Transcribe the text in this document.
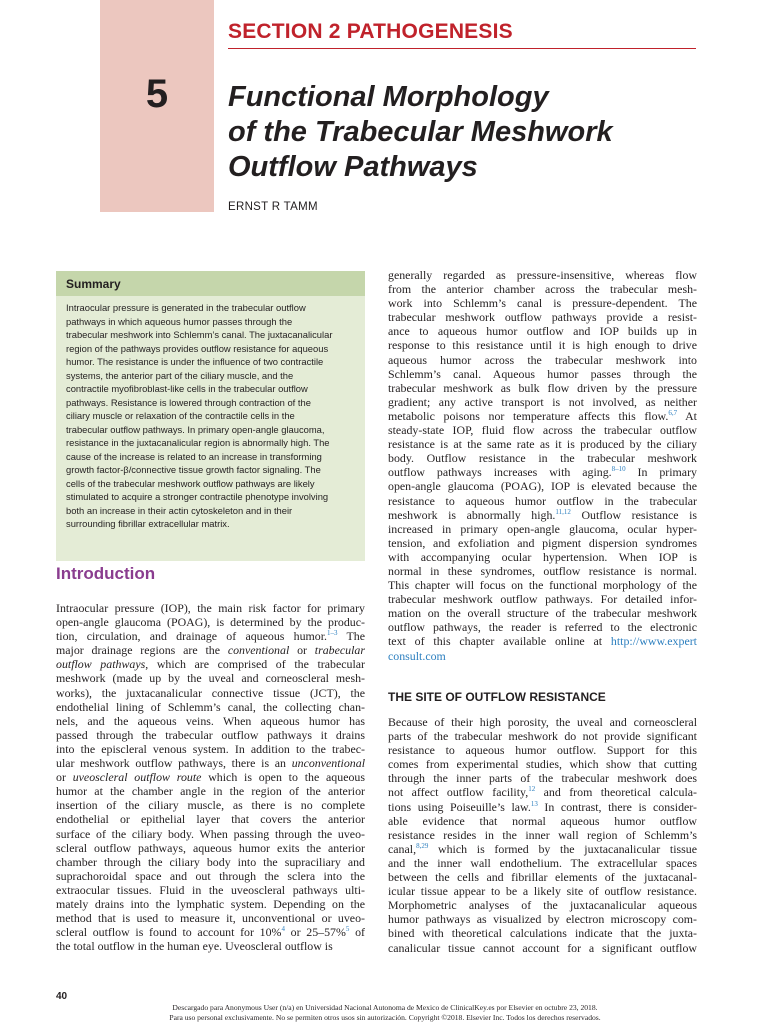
5
SECTION 2 PATHOGENESIS
Functional Morphology
of the Trabecular Meshwork
Outflow Pathways
ERNST R TAMM
Summary

Intraocular pressure is generated in the trabecular outflow
pathways in which aqueous humor passes through the
trabecular meshwork into Schlemm’s canal. The juxtacanalicular
region of the pathways provides outflow resistance for aqueous
humor. The resistance is under the influence of two contractile
systems, the anterior part of the ciliary muscle, and the
contractile myofibroblast-like cells in the trabecular outflow
pathways. Resistance is lowered through contraction of the
ciliary muscle or relaxation of the contractile cells in the
trabecular outflow pathways. In primary open-angle glaucoma,
resistance in the juxtacanalicular region is abnormally high. The
cause of the increase is related to an increase in transforming
growth factor-β/connective tissue growth factor signaling. The
cells of the trabecular meshwork outflow pathways are likely
stimulated to acquire a stronger contractile phenotype involving
both an increase in their actin cytoskeleton and in their
surrounding fibrillar extracellular matrix.

Introduction

Intraocular pressure (IOP), the main risk factor for primary
open-angle glaucoma (POAG), is determined by the produc-
tion, circulation, and drainage of aqueous humor.$^{1-3}$ The
major drainage regions are the conventional or trabecular
outflow pathways, which are comprised of the trabecular
meshwork (made up by the uveal and corneoscleral mesh-
works), the juxtacanalicular connective tissue (JCT), the
endothelial lining of Schlemm’s canal, the collecting chan-
nels, and the aqueous veins. When aqueous humor has
passed through the trabecular outflow pathways it drains
into the episcleral venous system. In addition to the trabec-
ular meshwork outflow pathways, there is an unconventional
or uveoscleral outflow route which is open to the aqueous
humor at the chamber angle in the region of the anterior
insertion of the ciliary muscle, as there is no complete
endothelial or epithelial layer that covers the anterior
surface of the ciliary body. When passing through the uveo-
scleral outflow pathways, aqueous humor exits the anterior
chamber through the ciliary body into the supraciliary and
suprachoroidal space and out through the sclera into the
extraocular tissues. Fluid in the uveoscleral pathways ulti-
mately drains into the lymphatic system. Depending on the
method that is used to measure it, unconventional or uveo-
scleral outflow is found to account for 10%$^4$ or 25–57%$^5$ of
the total outflow in the human eye. Uveoscleral outflow is

generally regarded as pressure-insensitive, whereas flow
from the anterior chamber across the trabecular mesh-
work into Schlemm’s canal is pressure-dependent. The
trabecular meshwork outflow pathways provide a resist-
ance to aqueous humor outflow and IOP builds up in
response to this resistance until it is high enough to drive
aqueous humor across the trabecular meshwork into
Schlemm’s canal. Aqueous humor passes through the
trabecular meshwork as bulk flow driven by the pressure
gradient; any active transport is not involved, as neither
metabolic poisons nor temperature affects this flow.$^{6,7}$ At
steady-state IOP, fluid flow across the trabecular outflow
resistance is at the same rate as it is produced by the ciliary
body. Outflow resistance in the trabecular meshwork
outflow pathways increases with aging.$^{8-10}$ In primary
open-angle glaucoma (POAG), IOP is elevated because the
resistance to aqueous humor outflow in the trabecular
meshwork is abnormally high.$^{11,12}$ Outflow resistance is
increased in primary open-angle glaucoma, ocular hyper-
tension, and exfoliation and pigment dispersion syndromes
with accompanying ocular hypertension. When IOP is
normal in these syndromes, outflow resistance is normal.
This chapter will focus on the functional morphology of the
trabecular meshwork outflow pathways. For detailed infor-
mation on the overall structure of the trabecular meshwork
outflow pathways, the reader is referred to the electronic
text of this chapter available online at http://www.expert
consult.com

THE SITE OF OUTFLOW RESISTANCE

Because of their high porosity, the uveal and corneoscleral
parts of the trabecular meshwork do not provide significant
resistance to aqueous humor outflow. Support for this
comes from experimental studies, which show that cutting
through the inner parts of the trabecular meshwork does
not affect outflow facility,$^{12}$ and from theoretical calcula-
tions using Poiseuille’s law.$^{13}$ In contrast, there is consider-
able evidence that normal aqueous humor outflow
resistance resides in the inner wall region of Schlemm’s
canal,$^{8,29}$ which is formed by the juxtacanalicular tissue
and the inner wall endothelium. The extracellular spaces
between the cells and fibrillar elements of the juxtacanal-
icular tissue appear to be a likely site of outflow resistance.
Morphometric analyses of the juxtacanalicular aqueous
humor pathways as visualized by electron microscopy com-
bined with theoretical calculations indicate that the juxta-
canalicular tissue cannot account for a significant outflow

40
Descargado para Anonymous User (n/a) en Universidad Nacional Autonoma de Mexico de ClinicalKey.es por Elsevier en octubre 23, 2018.
Para uso personal exclusivamente. No se permiten otros usos sin autorización. Copyright ©2018. Elsevier Inc. Todos los derechos reservados.
